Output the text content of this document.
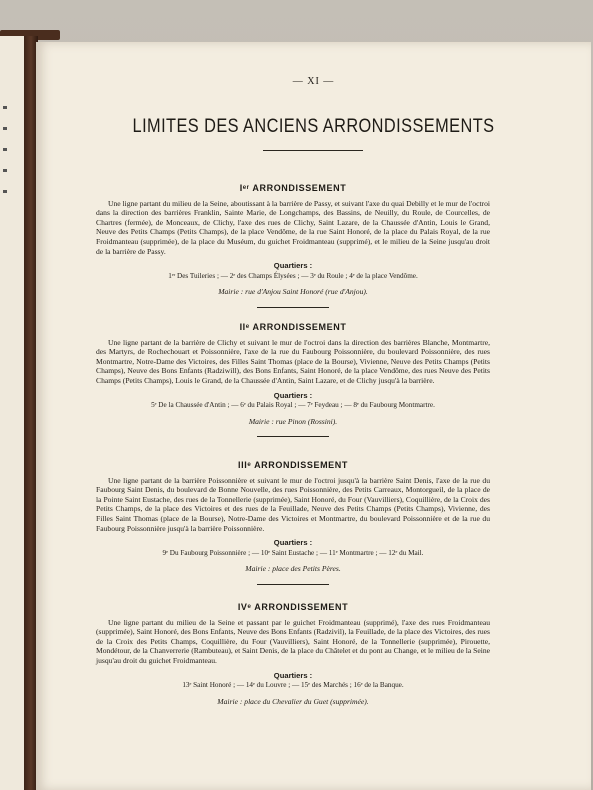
— XI —
LIMITES DES ANCIENS ARRONDISSEMENTS
Iᵉʳ ARRONDISSEMENT
Une ligne partant du milieu de la Seine, aboutissant à la barrière de Passy, et suivant l'axe du quai Debilly et le mur de l'octroi dans la direction des barrières Franklin, Sainte Marie, de Longchamps, des Bassins, de Neuilly, du Roule, de Courcelles, de Chartres (fermée), de Monceaux, de Clichy, l'axe des rues de Clichy, Saint Lazare, de la Chaussée d'Antin, Louis le Grand, Neuve des Petits Champs (Petits Champs), de la place Vendôme, de la rue Saint Honoré, de la place du Palais Royal, de la rue Froidmanteau (supprimée), de la place du Muséum, du guichet Froidmanteau (supprimé), et le milieu de la Seine jusqu'au droit de la barrière de Passy.
Quartiers :
1ᵉʳ Des Tuileries ; — 2ᵉ des Champs Élysées ; — 3ᵉ du Roule ; 4ᵉ de la place Vendôme.
Mairie : rue d'Anjou Saint Honoré (rue d'Anjou).
IIᵉ ARRONDISSEMENT
Une ligne partant de la barrière de Clichy et suivant le mur de l'octroi dans la direction des barrières Blanche, Montmartre, des Martyrs, de Rochechouart et Poissonnière, l'axe de la rue du Faubourg Poissonnière, du boulevard Poissonnière, des rues Montmartre, Notre-Dame des Victoires, des Filles Saint Thomas (place de la Bourse), Vivienne, Neuve des Petits Champs (Petits Champs), Neuve des Bons Enfants (Radziwill), des Bons Enfants, Saint Honoré, de la place Vendôme, des rues Neuve des Petits Champs (Petits Champs), Louis le Grand, de la Chaussée d'Antin, Saint Lazare, et de Clichy jusqu'à la barrière.
Quartiers :
5ᵉ De la Chaussée d'Antin ; — 6ᵉ du Palais Royal ; — 7ᵉ Feydeau ; — 8ᵉ du Faubourg Montmartre.
Mairie : rue Pinon (Rossini).
IIIᵉ ARRONDISSEMENT
Une ligne partant de la barrière Poissonnière et suivant le mur de l'octroi jusqu'à la barrière Saint Denis, l'axe de la rue du Faubourg Saint Denis, du boulevard de Bonne Nouvelle, des rues Poissonnière, des Petits Carreaux, Montorgueil, de la place de la Pointe Saint Eustache, des rues de la Tonnellerie (supprimée), Saint Honoré, du Four (Vauvilliers), Coquillière, de la Croix des Petits Champs, de la place des Victoires et des rues de la Feuillade, Neuve des Petits Champs (Petits Champs), Vivienne, des Filles Saint Thomas (place de la Bourse), Notre-Dame des Victoires et Montmartre, du boulevard Poissonnière et de la rue du Faubourg Poissonnière jusqu'à la barrière Poissonnière.
Quartiers :
9ᵉ Du Faubourg Poissonnière ; — 10ᵉ Saint Eustache ; — 11ᵉ Montmartre ; — 12ᵉ du Mail.
Mairie : place des Petits Pères.
IVᵉ ARRONDISSEMENT
Une ligne partant du milieu de la Seine et passant par le guichet Froidmanteau (supprimé), l'axe des rues Froidmanteau (supprimée), Saint Honoré, des Bons Enfants, Neuve des Bons Enfants (Radzivil), la Feuillade, de la place des Victoires, des rues de la Croix des Petits Champs, Coquillière, du Four (Vauvilliers), Saint Honoré, de la Tonnellerie (supprimée), Pirouette, Mondétour, de la Chanverrerie (Rambuteau), et Saint Denis, de la place du Châtelet et du pont au Change, et le milieu de la Seine jusqu'au droit du guichet Froidmanteau.
Quartiers :
13ᵉ Saint Honoré ; — 14ᵉ du Louvre ; — 15ᵉ des Marchés ; 16ᵉ de la Banque.
Mairie : place du Chevalier du Guet (supprimée).
